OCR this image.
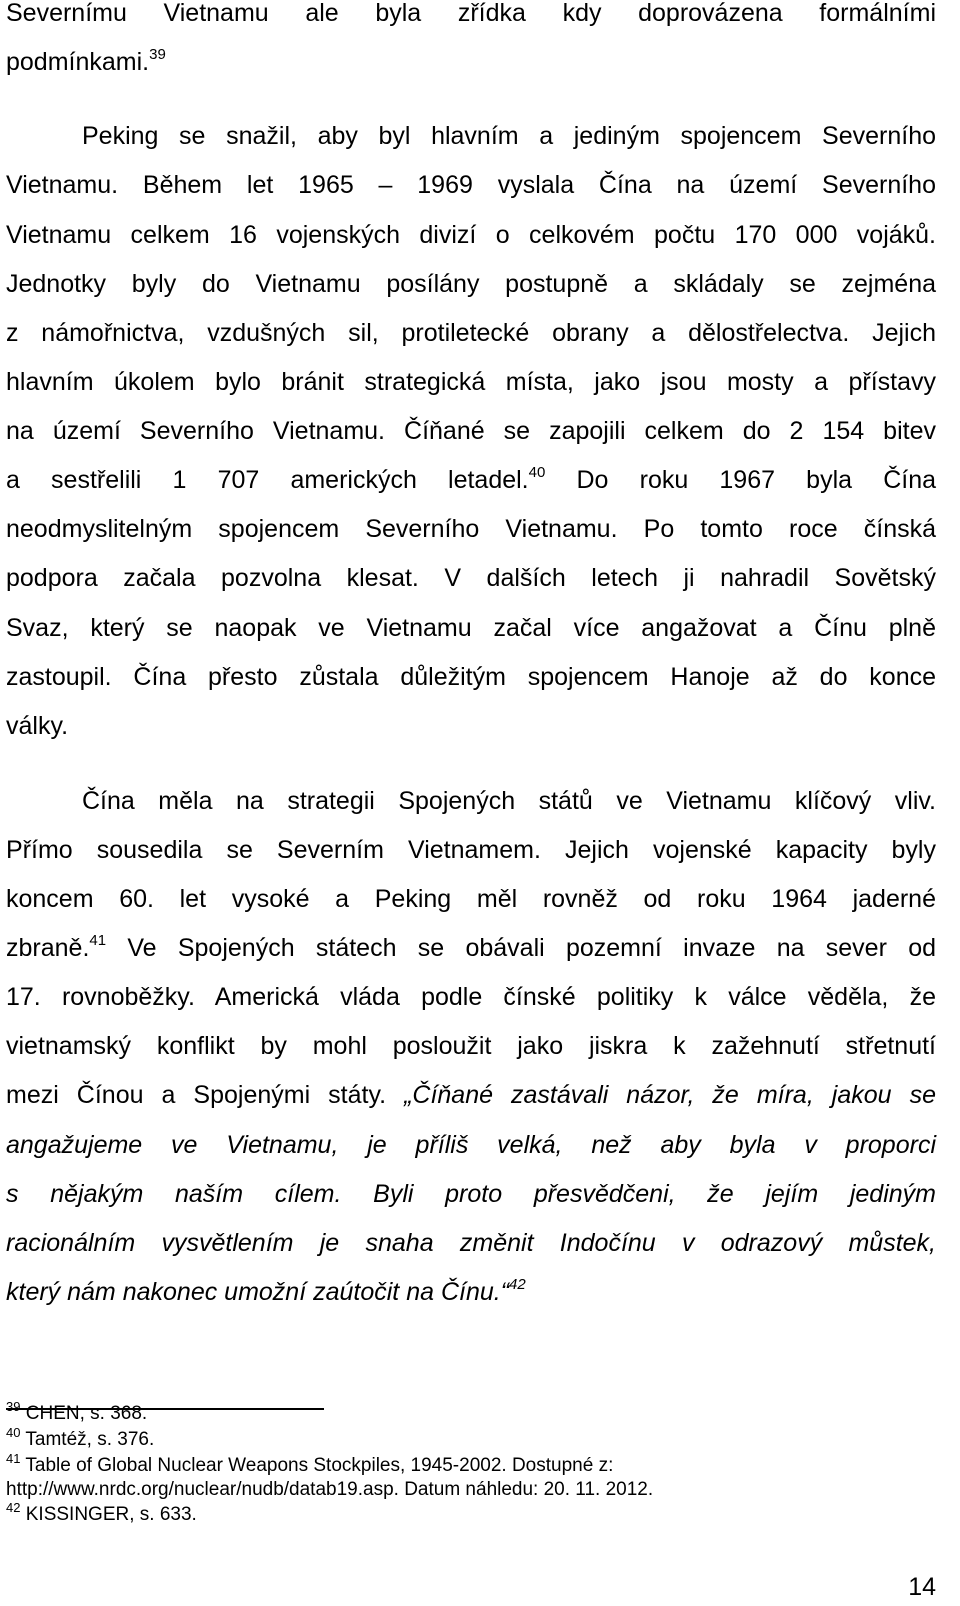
Severnímu Vietnamu ale byla zřídka kdy doprovázena formálními
podmínkami.$^{39}$
Peking se snažil, aby byl hlavním a jediným spojencem Severního
Vietnamu. Během let 1965 – 1969 vyslala Čína na území Severního
Vietnamu celkem 16 vojenských divizí o celkovém počtu 170 000 vojáků.
Jednotky byly do Vietnamu posílány postupně a skládaly se zejména
z námořnictva, vzdušných sil, protiletecké obrany a dělostřelectva. Jejich
hlavním úkolem bylo bránit strategická místa, jako jsou mosty a přístavy
na území Severního Vietnamu. Číňané se zapojili celkem do 2 154 bitev
a sestřelili 1 707 amerických letadel.$^{40}$ Do roku 1967 byla Čína
neodmyslitelným spojencem Severního Vietnamu. Po tomto roce čínská
podpora začala pozvolna klesat. V dalších letech ji nahradil Sovětský
Svaz, který se naopak ve Vietnamu začal více angažovat a Čínu plně
zastoupil. Čína přesto zůstala důležitým spojencem Hanoje až do konce
války.
Čína měla na strategii Spojených států ve Vietnamu klíčový vliv.
Přímo sousedila se Severním Vietnamem. Jejich vojenské kapacity byly
koncem 60. let vysoké a Peking měl rovněž od roku 1964 jaderné
zbraně.$^{41}$ Ve Spojených státech se obávali pozemní invaze na sever od
17. rovnoběžky. Americká vláda podle čínské politiky k válce věděla, že
vietnamský konflikt by mohl posloužit jako jiskra k zažehnutí střetnutí
mezi Čínou a Spojenými státy. „Číňané zastávali názor, že míra, jakou se
angažujeme ve Vietnamu, je příliš velká, než aby byla v proporci
s nějakým naším cílem. Byli proto přesvědčeni, že jejím jediným
racionálním vysvětlením je snaha změnit Indočínu v odrazový můstek,
který nám nakonec umožní zaútočit na Čínu.“$^{42}$
$^{39}$ CHEN, s. 368.
$^{40}$ Tamtéž, s. 376.
$^{41}$ Table of Global Nuclear Weapons Stockpiles, 1945-2002. Dostupné z:
http://www.nrdc.org/nuclear/nudb/datab19.asp. Datum náhledu: 20. 11. 2012.
$^{42}$ KISSINGER, s. 633.
14
